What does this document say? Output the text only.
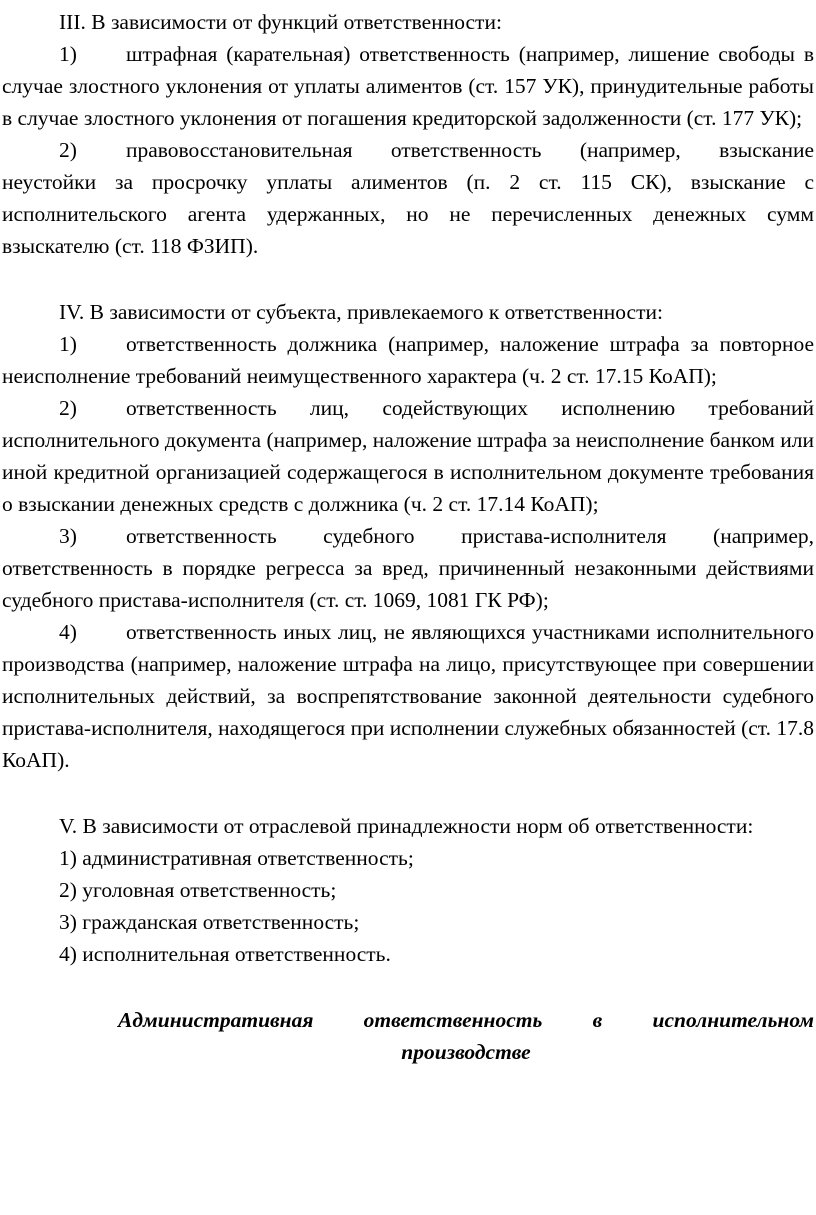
III. В зависимости от функций ответственности:

1) штрафная (карательная) ответственность (например, лишение свободы в случае злостного уклонения от уплаты алиментов (ст. 157 УК), принудительные работы в случае злостного уклонения от погашения кредиторской задолженности (ст. 177 УК);

2) правовосстановительная ответственность (например, взыскание неустойки за просрочку уплаты алиментов (п. 2 ст. 115 СК), взыскание с исполнительского агента удержанных, но не перечисленных денежных сумм взыскателю (ст. 118 ФЗИП).

IV. В зависимости от субъекта, привлекаемого к ответственности:

1) ответственность должника (например, наложение штрафа за повторное неисполнение требований неимущественного характера (ч. 2 ст. 17.15 КоАП);

2) ответственность лиц, содействующих исполнению требований исполнительного документа (например, наложение штрафа за неисполнение банком или иной кредитной организацией содержащегося в исполнительном документе требования о взыскании денежных средств с должника (ч. 2 ст. 17.14 КоАП);

3) ответственность судебного пристава-исполнителя (например, ответственность в порядке регресса за вред, причиненный незаконными действиями судебного пристава-исполнителя (ст. ст. 1069, 1081 ГК РФ);

4) ответственность иных лиц, не являющихся участниками исполнительного производства (например, наложение штрафа на лицо, присутствующее при совершении исполнительных действий, за воспрепятствование законной деятельности судебного пристава-исполнителя, находящегося при исполнении служебных обязанностей (ст. 17.8 КоАП).

V. В зависимости от отраслевой принадлежности норм об ответственности:

1) административная ответственность;

2) уголовная ответственность;

3) гражданская ответственность;

4) исполнительная ответственность.

Административная ответственность в исполнительном производстве
